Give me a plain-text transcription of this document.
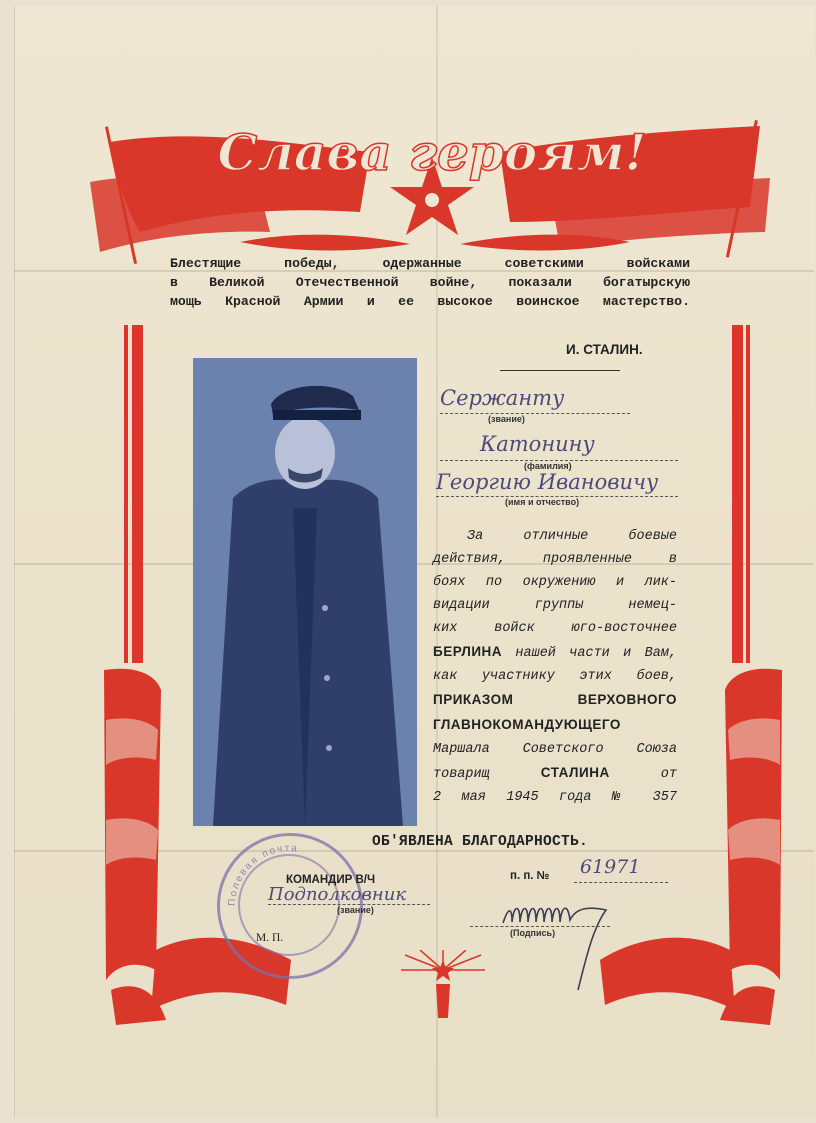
Слава героям!
Блестящие победы, одержанные советскими войсками
в Великой Отечественной войне, показали богатырскую
мощь Красной Армии и ее высокое воинское мастерство.
И. СТАЛИН.
Сержанту
(звание)
Катонину
(фамилия)
Георгию Ивановичу
(имя и отчество)
За отличные боевые
действия, проявленные в
боях по окружению и лик-
видации группы немец-
ких войск юго-восточнее
БЕРЛИНА нашей части и Вам,
как участнику этих боев,
ПРИКАЗОМ	ВЕРХОВНОГО
ГЛАВНОКОМАНДУЮЩЕГО
Маршала Советского Союза
товарищ	СТАЛИНА	от
2 мая 1945 года № 357
ОБ'ЯВЛЕНА БЛАГОДАРНОСТЬ.
п. п. № 61971
Полевая почта
КОМАНДИР В/Ч
Подполковник
(звание)
М. П.	(Подпись)
